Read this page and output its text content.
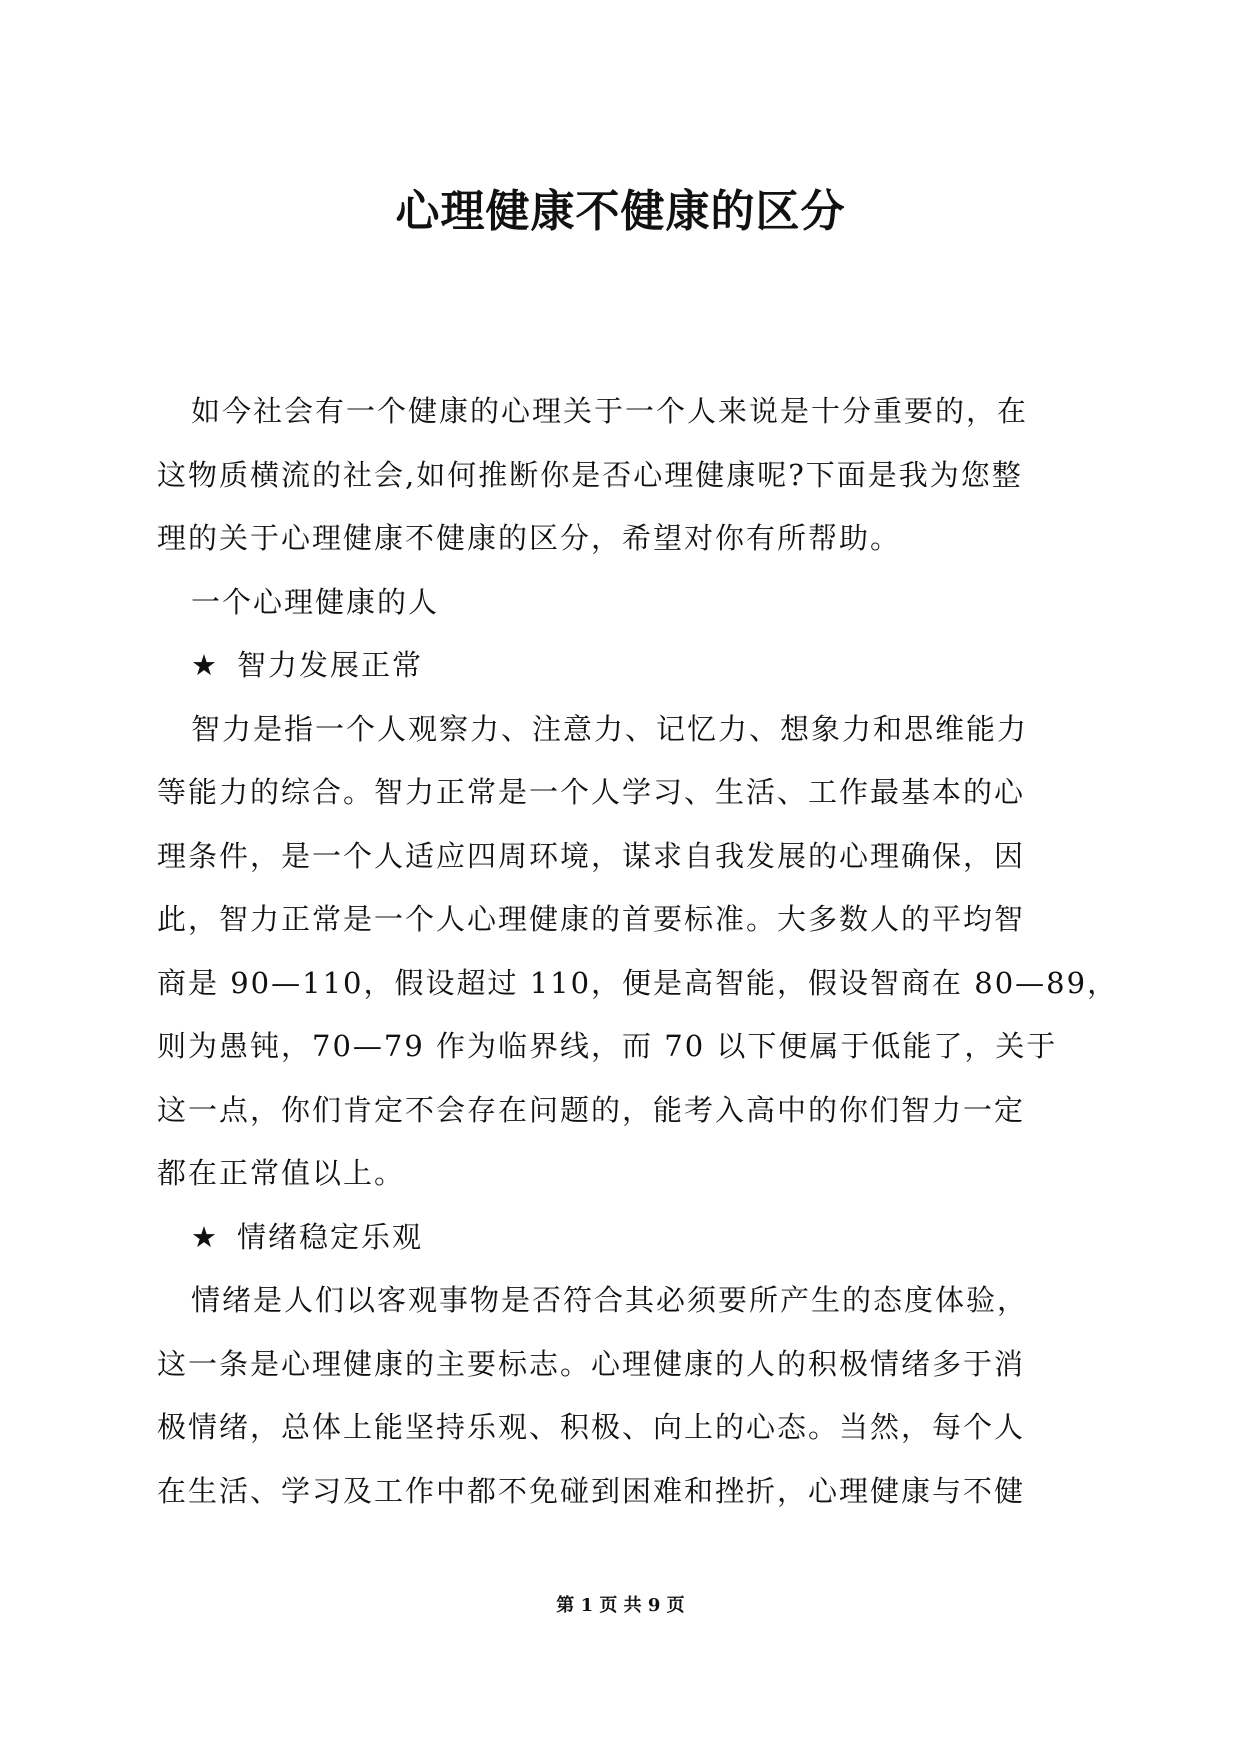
心理健康不健康的区分
如今社会有一个健康的心理关于一个人来说是十分重要的，在
这物质横流的社会,如何推断你是否心理健康呢?下面是我为您整
理的关于心理健康不健康的区分，希望对你有所帮助。
一个心理健康的人
★ 智力发展正常
智力是指一个人观察力、注意力、记忆力、想象力和思维能力
等能力的综合。智力正常是一个人学习、生活、工作最基本的心
理条件，是一个人适应四周环境，谋求自我发展的心理确保，因
此，智力正常是一个人心理健康的首要标准。大多数人的平均智
商是 90—110，假设超过 110，便是高智能，假设智商在 80—89，
则为愚钝，70—79 作为临界线，而 70 以下便属于低能了，关于
这一点，你们肯定不会存在问题的，能考入高中的你们智力一定
都在正常值以上。
★ 情绪稳定乐观
情绪是人们以客观事物是否符合其必须要所产生的态度体验，
这一条是心理健康的主要标志。心理健康的人的积极情绪多于消
极情绪，总体上能坚持乐观、积极、向上的心态。当然，每个人
在生活、学习及工作中都不免碰到困难和挫折，心理健康与不健
第 1 页 共 9 页
